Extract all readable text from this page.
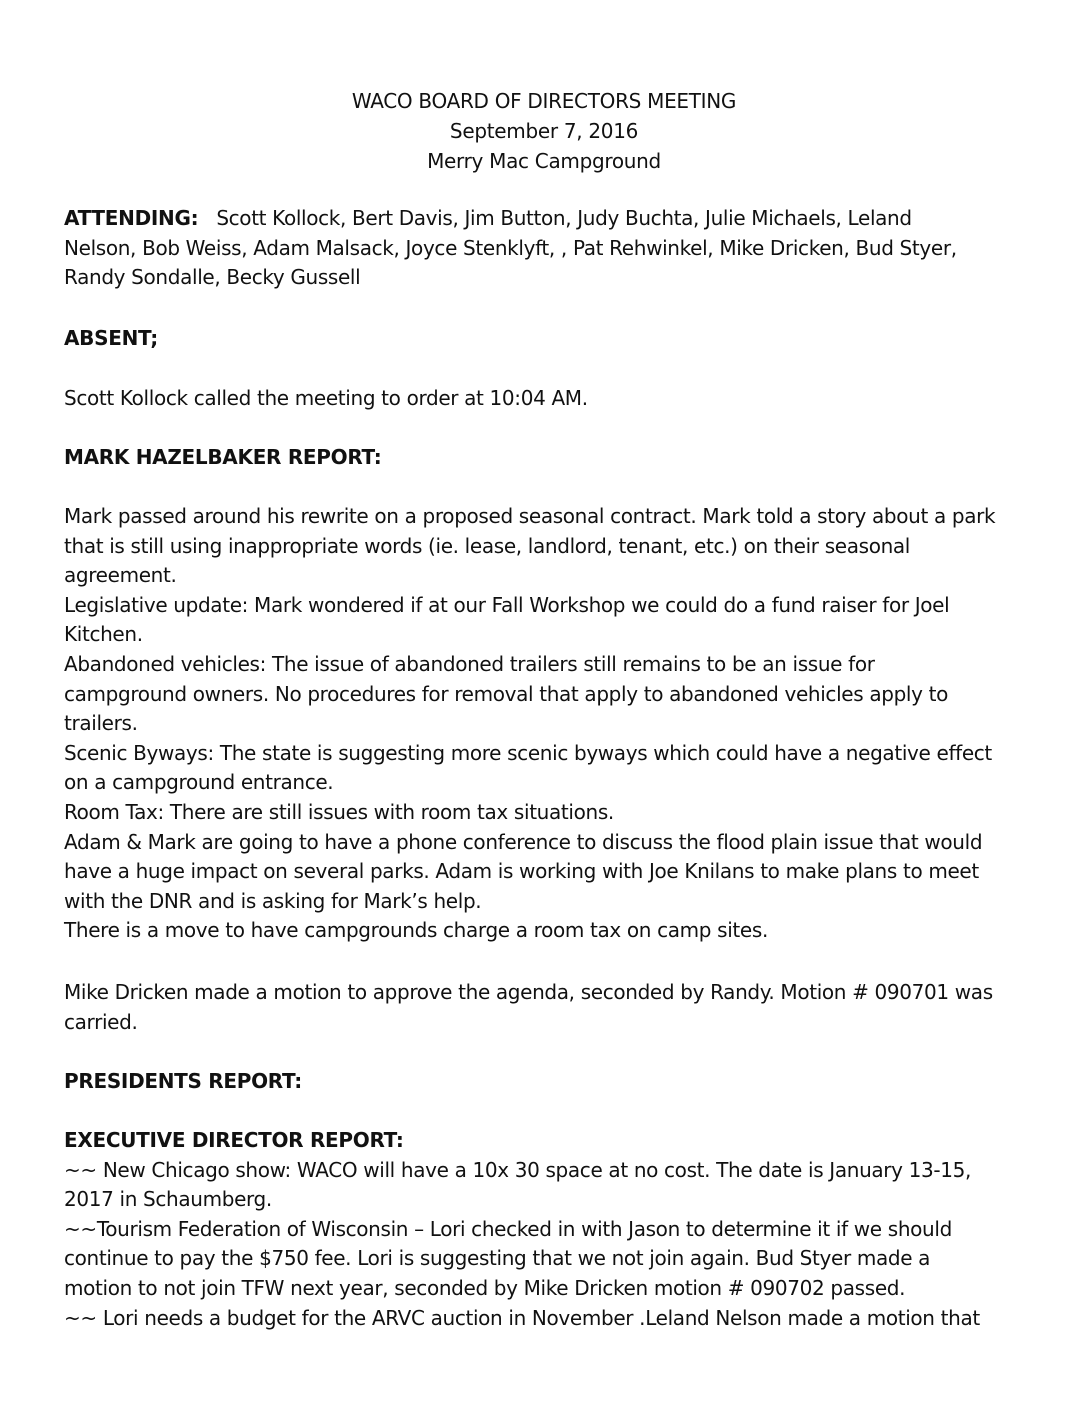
WACO BOARD OF DIRECTORS MEETING
September 7, 2016
Merry Mac Campground
ATTENDING: Scott Kollock, Bert Davis, Jim Button, Judy Buchta, Julie Michaels, Leland
Nelson, Bob Weiss, Adam Malsack, Joyce Stenklyft, , Pat Rehwinkel, Mike Dricken, Bud Styer,
Randy Sondalle, Becky Gussell
ABSENT;
Scott Kollock called the meeting to order at 10:04 AM.
MARK HAZELBAKER REPORT:
Mark passed around his rewrite on a proposed seasonal contract. Mark told a story about a park
that is still using inappropriate words (ie. lease, landlord, tenant, etc.) on their seasonal
agreement.
Legislative update: Mark wondered if at our Fall Workshop we could do a fund raiser for Joel
Kitchen.
Abandoned vehicles: The issue of abandoned trailers still remains to be an issue for
campground owners. No procedures for removal that apply to abandoned vehicles apply to
trailers.
Scenic Byways: The state is suggesting more scenic byways which could have a negative effect
on a campground entrance.
Room Tax: There are still issues with room tax situations.
Adam & Mark are going to have a phone conference to discuss the flood plain issue that would
have a huge impact on several parks. Adam is working with Joe Knilans to make plans to meet
with the DNR and is asking for Mark’s help.
There is a move to have campgrounds charge a room tax on camp sites.
Mike Dricken made a motion to approve the agenda, seconded by Randy. Motion # 090701 was
carried.
PRESIDENTS REPORT:
EXECUTIVE DIRECTOR REPORT:
~~ New Chicago show: WACO will have a 10x 30 space at no cost. The date is January 13-15,
2017 in Schaumberg.
~~Tourism Federation of Wisconsin – Lori checked in with Jason to determine it if we should
continue to pay the $750 fee. Lori is suggesting that we not join again. Bud Styer made a
motion to not join TFW next year, seconded by Mike Dricken motion # 090702 passed.
~~ Lori needs a budget for the ARVC auction in November .Leland Nelson made a motion that
